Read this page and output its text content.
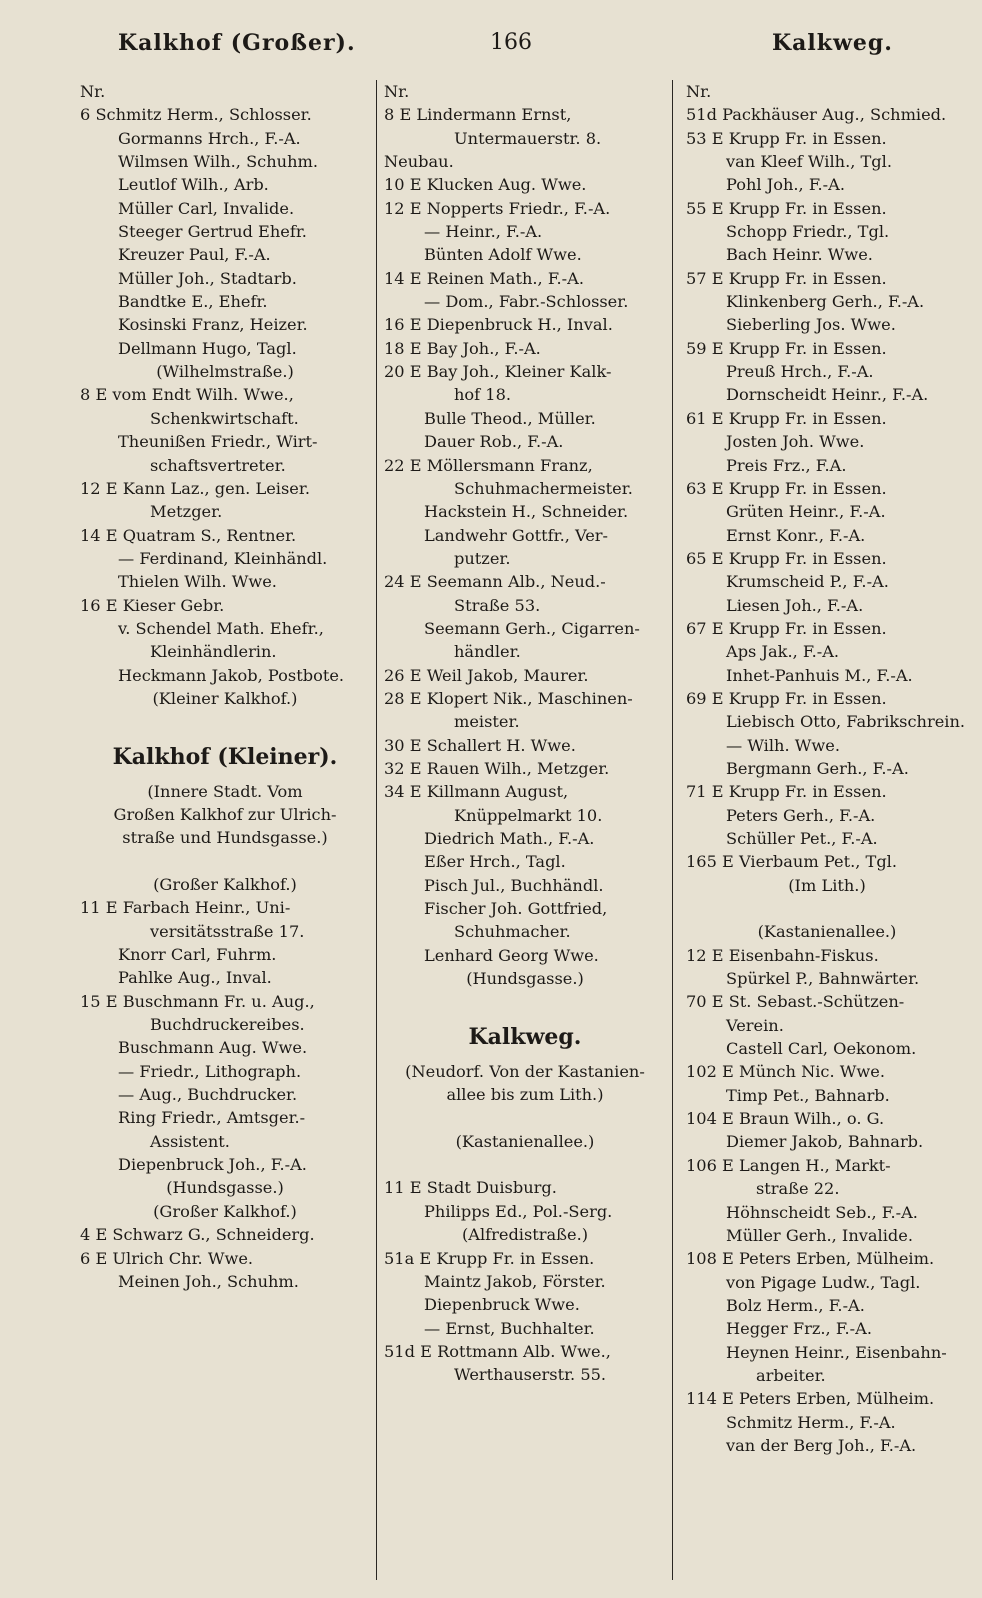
Kalkhof (Großer).	166	Kalkweg.
Nr.
6 Schmitz Herm., Schlosser.
Gormanns Hrch., F.-A.
Wilmsen Wilh., Schuhm.
Leutlof Wilh., Arb.
Müller Carl, Invalide.
Steeger Gertrud Ehefr.
Kreuzer Paul, F.-A.
Müller Joh., Stadtarb.
Bandtke E., Ehefr.
Kosinski Franz, Heizer.
Dellmann Hugo, Tagl.
(Wilhelmstraße.)
8 E vom Endt Wilh. Wwe.,
Schenkwirtschaft.
Theunißen Friedr., Wirt-
schaftsvertreter.
12 E Kann Laz., gen. Leiser.
Metzger.
14 E Quatram S., Rentner.
— Ferdinand, Kleinhändl.
Thielen Wilh. Wwe.
16 E Kieser Gebr.
v. Schendel Math. Ehefr.,
Kleinhändlerin.
Heckmann Jakob, Postbote.
(Kleiner Kalkhof.)
Kalkhof (Kleiner).
(Innere Stadt. Vom
Großen Kalkhof zur Ulrich-
straße und Hundsgasse.)
(Großer Kalkhof.)
11 E Farbach Heinr., Uni-
versitätsstraße 17.
Knorr Carl, Fuhrm.
Pahlke Aug., Inval.
15 E Buschmann Fr. u. Aug.,
Buchdruckereibes.
Buschmann Aug. Wwe.
— Friedr., Lithograph.
— Aug., Buchdrucker.
Ring Friedr., Amtsger.-
Assistent.
Diepenbruck Joh., F.-A.
(Hundsgasse.)
(Großer Kalkhof.)
4 E Schwarz G., Schneiderg.
6 E Ulrich Chr. Wwe.
Meinen Joh., Schuhm.
Nr.
8 E Lindermann Ernst,
Untermauerstr. 8.
Neubau.
10 E Klucken Aug. Wwe.
12 E Nopperts Friedr., F.-A.
— Heinr., F.-A.
Bünten Adolf Wwe.
14 E Reinen Math., F.-A.
— Dom., Fabr.-Schlosser.
16 E Diepenbruck H., Inval.
18 E Bay Joh., F.-A.
20 E Bay Joh., Kleiner Kalk-
hof 18.
Bulle Theod., Müller.
Dauer Rob., F.-A.
22 E Möllersmann Franz,
Schuhmachermeister.
Hackstein H., Schneider.
Landwehr Gottfr., Ver-
putzer.
24 E Seemann Alb., Neud.-
Straße 53.
Seemann Gerh., Cigarren-
händler.
26 E Weil Jakob, Maurer.
28 E Klopert Nik., Maschinen-
meister.
30 E Schallert H. Wwe.
32 E Rauen Wilh., Metzger.
34 E Killmann August,
Knüppelmarkt 10.
Diedrich Math., F.-A.
Eßer Hrch., Tagl.
Pisch Jul., Buchhändl.
Fischer Joh. Gottfried,
Schuhmacher.
Lenhard Georg Wwe.
(Hundsgasse.)
Kalkweg.
(Neudorf. Von der Kastanien-
allee bis zum Lith.)
(Kastanienallee.)
11 E Stadt Duisburg.
Philipps Ed., Pol.-Serg.
(Alfredistraße.)
51a E Krupp Fr. in Essen.
Maintz Jakob, Förster.
Diepenbruck Wwe.
— Ernst, Buchhalter.
51d E Rottmann Alb. Wwe.,
Werthauserstr. 55.
Nr.
51d Packhäuser Aug., Schmied.
53 E Krupp Fr. in Essen.
van Kleef Wilh., Tgl.
Pohl Joh., F.-A.
55 E Krupp Fr. in Essen.
Schopp Friedr., Tgl.
Bach Heinr. Wwe.
57 E Krupp Fr. in Essen.
Klinkenberg Gerh., F.-A.
Sieberling Jos. Wwe.
59 E Krupp Fr. in Essen.
Preuß Hrch., F.-A.
Dornscheidt Heinr., F.-A.
61 E Krupp Fr. in Essen.
Josten Joh. Wwe.
Preis Frz., F.A.
63 E Krupp Fr. in Essen.
Grüten Heinr., F.-A.
Ernst Konr., F.-A.
65 E Krupp Fr. in Essen.
Krumscheid P., F.-A.
Liesen Joh., F.-A.
67 E Krupp Fr. in Essen.
Aps Jak., F.-A.
Inhet-Panhuis M., F.-A.
69 E Krupp Fr. in Essen.
Liebisch Otto, Fabrikschrein.
— Wilh. Wwe.
Bergmann Gerh., F.-A.
71 E Krupp Fr. in Essen.
Peters Gerh., F.-A.
Schüller Pet., F.-A.
165 E Vierbaum Pet., Tgl.
(Im Lith.)
(Kastanienallee.)
12 E Eisenbahn-Fiskus.
Spürkel P., Bahnwärter.
70 E St. Sebast.-Schützen-
Verein.
Castell Carl, Oekonom.
102 E Münch Nic. Wwe.
Timp Pet., Bahnarb.
104 E Braun Wilh., o. G.
Diemer Jakob, Bahnarb.
106 E Langen H., Markt-
straße 22.
Höhnscheidt Seb., F.-A.
Müller Gerh., Invalide.
108 E Peters Erben, Mülheim.
von Pigage Ludw., Tagl.
Bolz Herm., F.-A.
Hegger Frz., F.-A.
Heynen Heinr., Eisenbahn-
arbeiter.
114 E Peters Erben, Mülheim.
Schmitz Herm., F.-A.
van der Berg Joh., F.-A.
